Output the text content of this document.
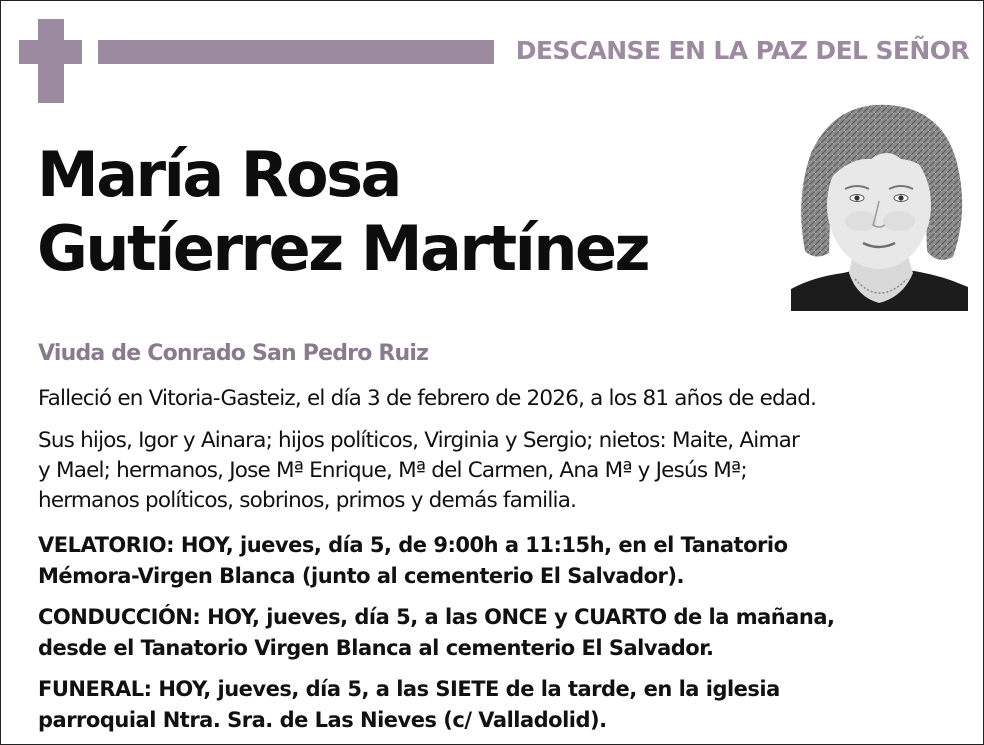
DESCANSE EN LA PAZ DEL SEÑOR
María Rosa
Gutíerrez Martínez
Viuda de Conrado San Pedro Ruiz
Falleció en Vitoria-Gasteiz, el día 3 de febrero de 2026, a los 81 años de edad.
Sus hijos, Igor y Ainara; hijos políticos, Virginia y Sergio; nietos: Maite, Aimar
y Mael; hermanos, Jose Mª Enrique, Mª del Carmen, Ana Mª y Jesús Mª;
hermanos políticos, sobrinos, primos y demás familia.
VELATORIO: HOY, jueves, día 5, de 9:00h a 11:15h, en el Tanatorio
Mémora-Virgen Blanca (junto al cementerio El Salvador).
CONDUCCIÓN: HOY, jueves, día 5, a las ONCE y CUARTO de la mañana,
desde el Tanatorio Virgen Blanca al cementerio El Salvador.
FUNERAL: HOY, jueves, día 5, a las SIETE de la tarde, en la iglesia
parroquial Ntra. Sra. de Las Nieves (c/ Valladolid).
